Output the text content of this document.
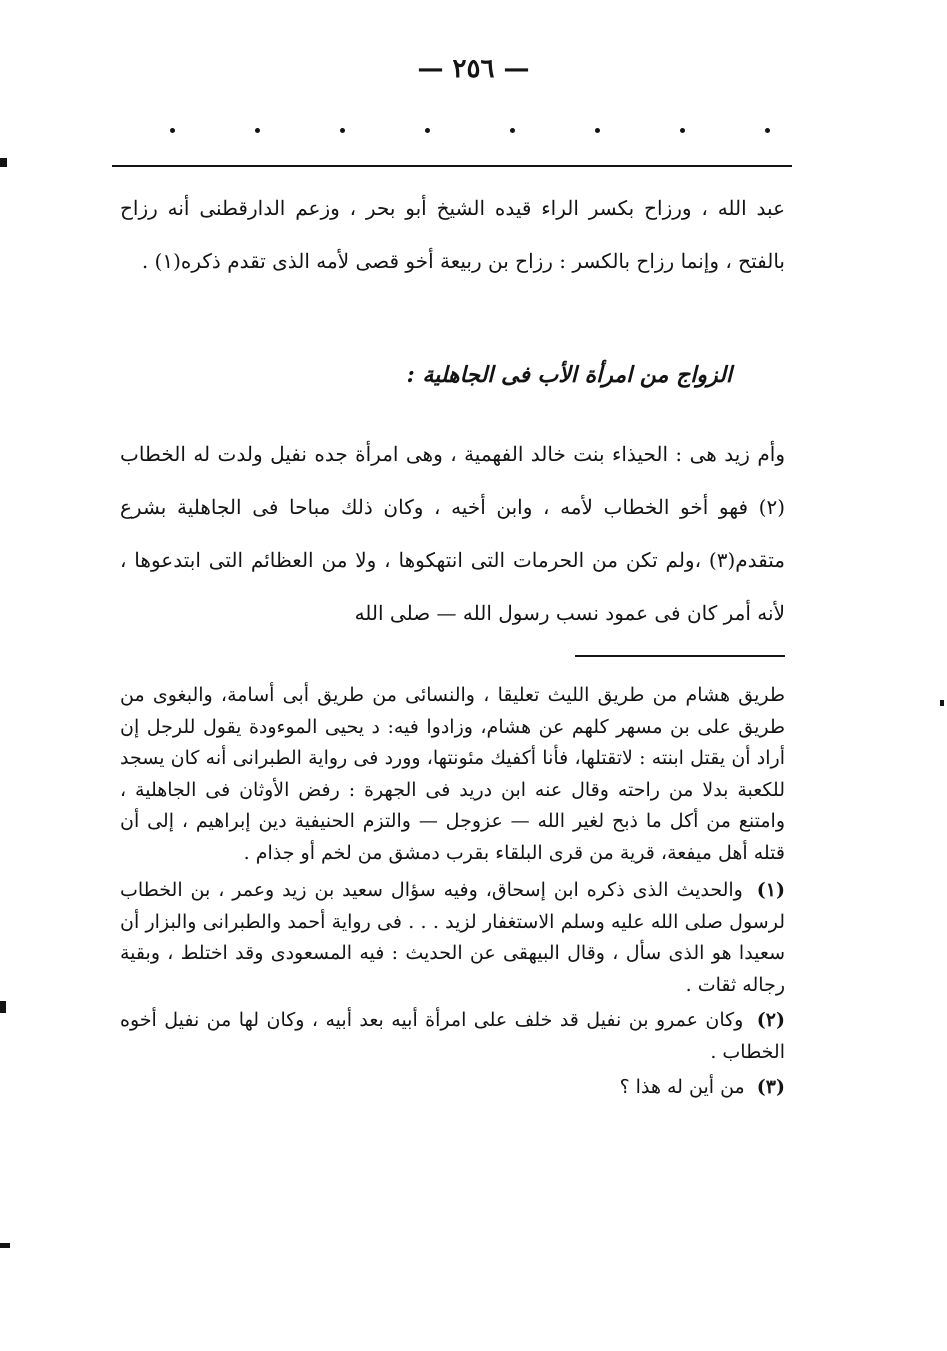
— ٢٥٦ —
عبد الله ، ورزاح بكسر الراء قيده الشيخ أبو بحر ، وزعم الدارقطنى أنه رزاح بالفتح ، وإنما رزاح بالكسر : رزاح بن ربيعة أخو قصى لأمه الذى تقدم ذكره(١) .
الزواج من امرأة الأب فى الجاهلية :
وأم زيد هى : الحيذاء بنت خالد الفهمية ، وهى امرأة جده نفيل ولدت له الخطاب (٢) فهو أخو الخطاب لأمه ، وابن أخيه ، وكان ذلك مباحا فى الجاهلية بشرع متقدم(٣) ،ولم تكن من الحرمات التى انتهكوها ، ولا من العظائم التى ابتدعوها ، لأنه أمر كان فى عمود نسب رسول الله — صلى الله

طريق هشام من طريق الليث تعليقا ، والنسائى من طريق أبى أسامة، والبغوى من طريق على بن مسهر كلهم عن هشام، وزادوا فيه: د يحيى الموءودة يقول للرجل إن أراد أن يقتل ابنته : لاتقتلها، فأنا أكفيك مئونتها، وورد فى رواية الطبرانى أنه كان يسجد للكعبة بدلا من راحته وقال عنه ابن دريد فى الجهرة : رفض الأوثان فى الجاهلية ، وامتنع من أكل ما ذبح لغير الله — عزوجل — والتزم الحنيفية دين إبراهيم ، إلى أن قتله أهل ميفعة، قرية من قرى البلقاء بقرب دمشق من لخم أو جذام .

(١) والحديث الذى ذكره ابن إسحاق، وفيه سؤال سعيد بن زيد وعمر ، بن الخطاب لرسول صلى الله عليه وسلم الاستغفار لزيد . . . فى رواية أحمد والطبرانى والبزار أن سعيدا هو الذى سأل ، وقال البيهقى عن الحديث : فيه المسعودى وقد اختلط ، وبقية رجاله ثقات .

(٢) وكان عمرو بن نفيل قد خلف على امرأة أبيه بعد أبيه ، وكان لها من نفيل أخوه الخطاب .

(٣) من أين له هذا ؟
